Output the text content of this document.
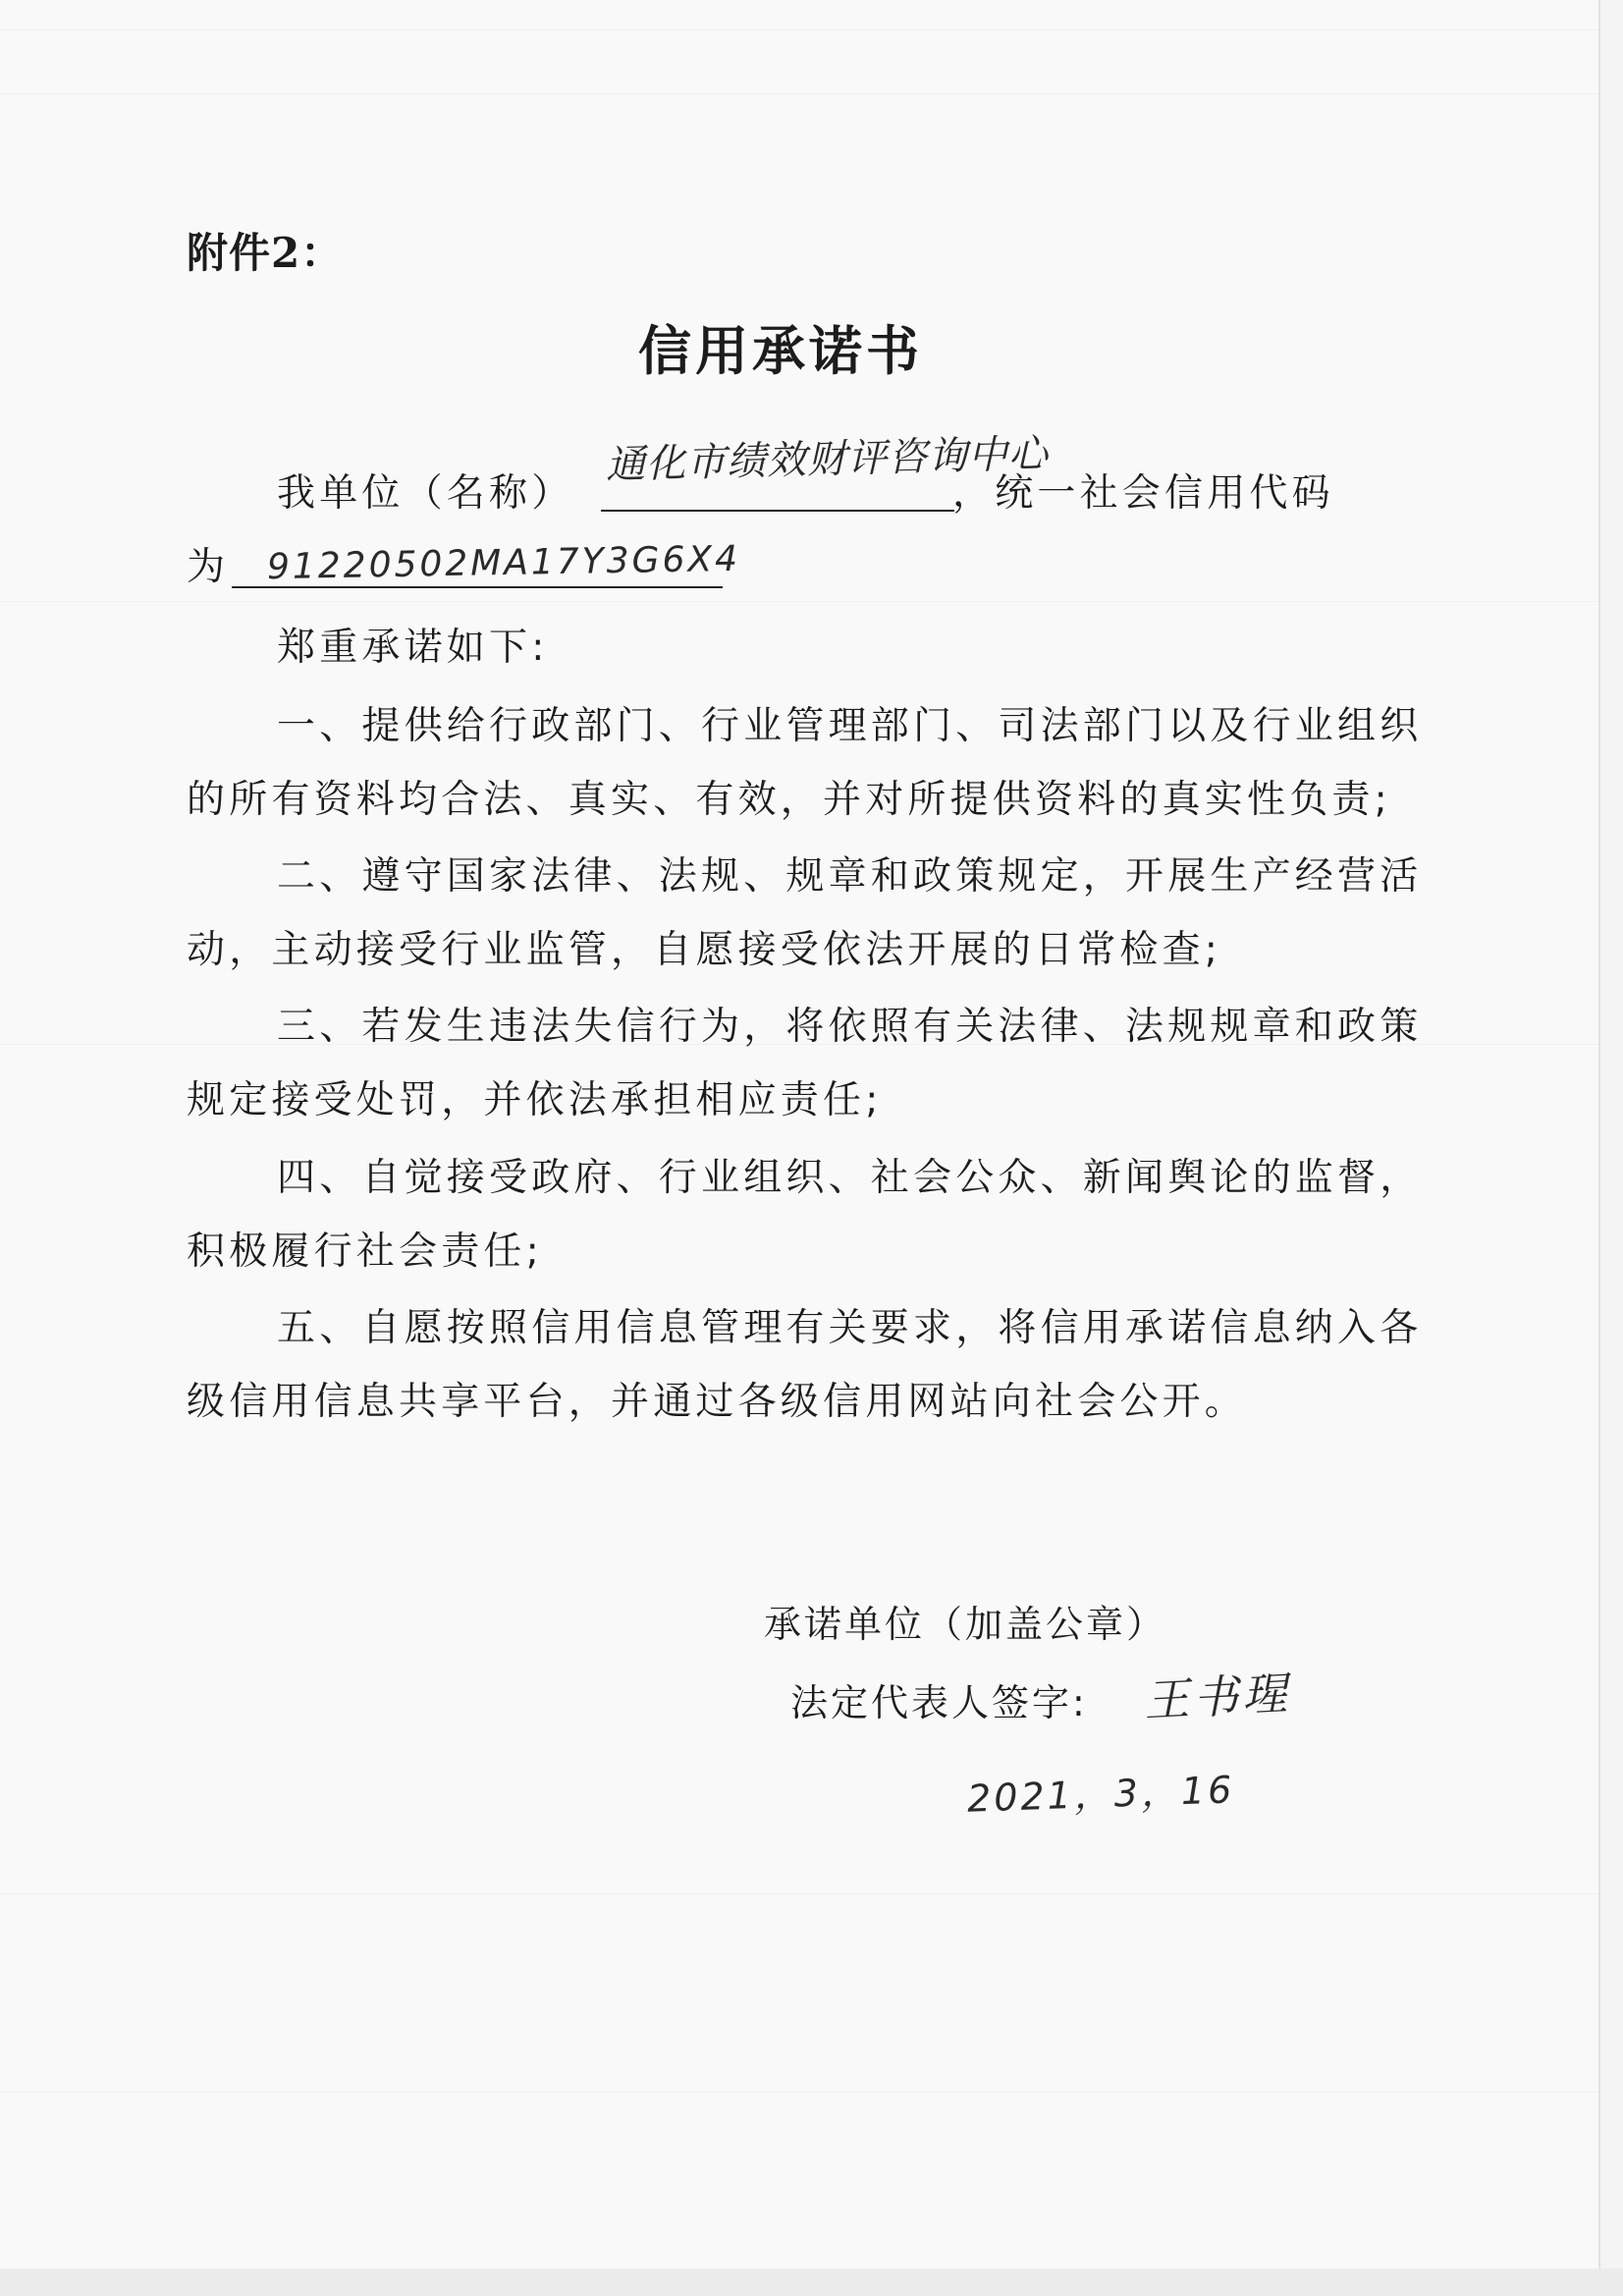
附件2：
信用承诺书
我单位（名称）
通化市绩效财评咨询中心
，统一社会信用代码
为 91220502MA17Y3G6X4
郑重承诺如下:
一、提供给行政部门、行业管理部门、司法部门以及行业组织
的所有资料均合法、真实、有效，并对所提供资料的真实性负责;
二、遵守国家法律、法规、规章和政策规定，开展生产经营活
动，主动接受行业监管，自愿接受依法开展的日常检查;
三、若发生违法失信行为，将依照有关法律、法规规章和政策
规定接受处罚，并依法承担相应责任;
四、自觉接受政府、行业组织、社会公众、新闻舆论的监督，
积极履行社会责任;
五、自愿按照信用信息管理有关要求，将信用承诺信息纳入各
级信用信息共享平台，并通过各级信用网站向社会公开。
承诺单位（加盖公章）
法定代表人签字: 王书瑆
2021，3，16
